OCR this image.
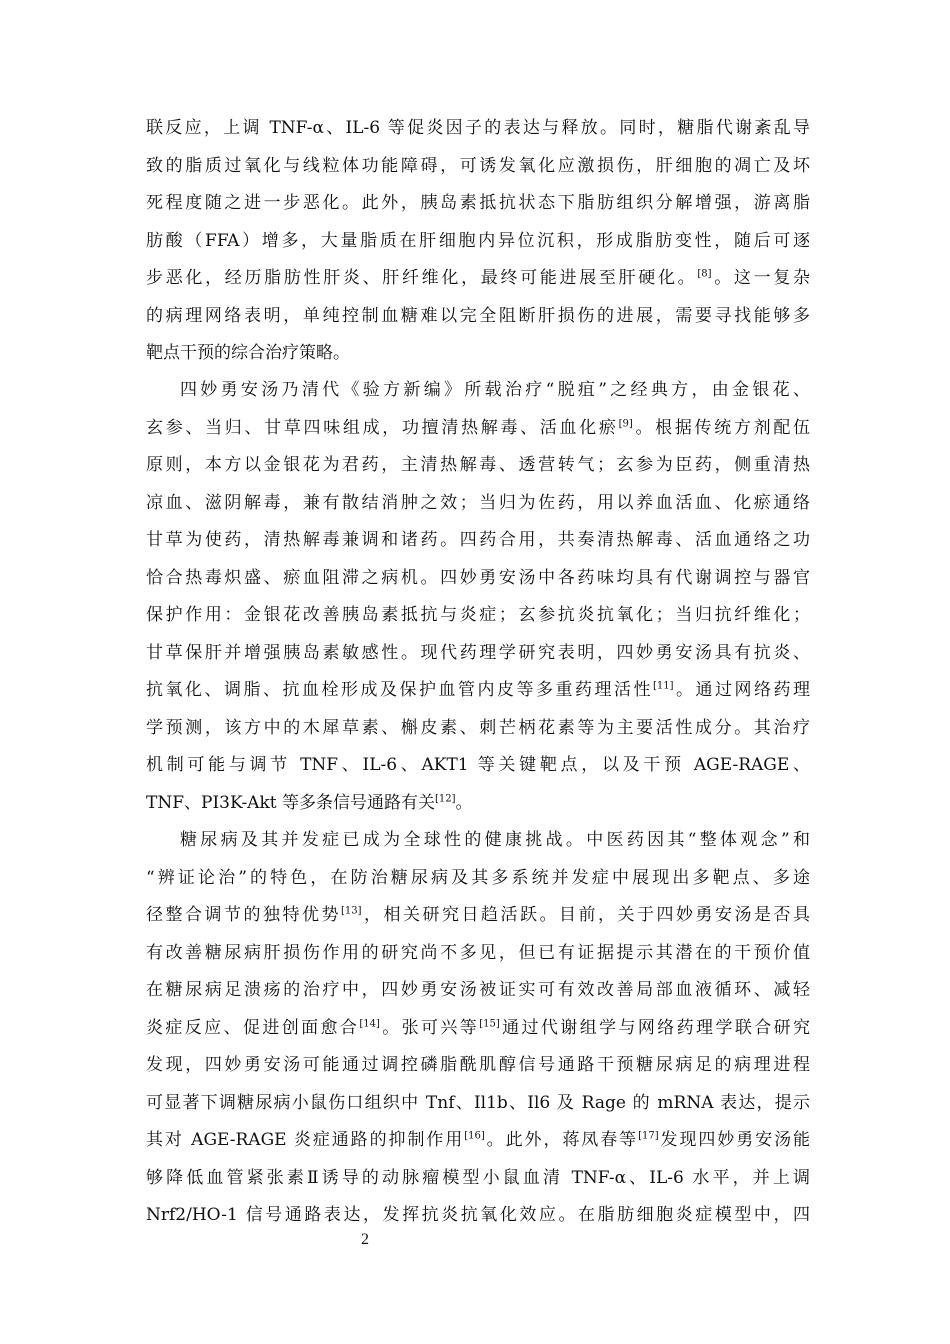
联反应，上调 TNF-α、IL-6 等促炎因子的表达与释放。同时，糖脂代谢紊乱导
致的脂质过氧化与线粒体功能障碍，可诱发氧化应激损伤，肝细胞的凋亡及坏
死程度随之进一步恶化。此外，胰岛素抵抗状态下脂肪组织分解增强，游离脂
肪酸（FFA）增多，大量脂质在肝细胞内异位沉积，形成脂肪变性，随后可逐
步恶化，经历脂肪性肝炎、肝纤维化，最终可能进展至肝硬化。[8]。这一复杂
的病理网络表明，单纯控制血糖难以完全阻断肝损伤的进展，需要寻找能够多
靶点干预的综合治疗策略。
四妙勇安汤乃清代《验方新编》所载治疗“脱疽”之经典方，由金银花、
玄参、当归、甘草四味组成，功擅清热解毒、活血化瘀[9]。根据传统方剂配伍
原则，本方以金银花为君药，主清热解毒、透营转气；玄参为臣药，侧重清热
凉血、滋阴解毒，兼有散结消肿之效；当归为佐药，用以养血活血、化瘀通络
甘草为使药，清热解毒兼调和诸药。四药合用，共奏清热解毒、活血通络之功
恰合热毒炽盛、瘀血阻滞之病机。四妙勇安汤中各药味均具有代谢调控与器官
保护作用：金银花改善胰岛素抵抗与炎症；玄参抗炎抗氧化；当归抗纤维化；
甘草保肝并增强胰岛素敏感性。现代药理学研究表明，四妙勇安汤具有抗炎、
抗氧化、调脂、抗血栓形成及保护血管内皮等多重药理活性[11]。通过网络药理
学预测，该方中的木犀草素、槲皮素、刺芒柄花素等为主要活性成分。其治疗
机制可能与调节 TNF、IL-6、AKT1 等关键靶点，以及干预 AGE-RAGE、
TNF、PI3K-Akt 等多条信号通路有关[12]。
糖尿病及其并发症已成为全球性的健康挑战。中医药因其“整体观念”和
“辨证论治”的特色，在防治糖尿病及其多系统并发症中展现出多靶点、多途
径整合调节的独特优势[13]，相关研究日趋活跃。目前，关于四妙勇安汤是否具
有改善糖尿病肝损伤作用的研究尚不多见，但已有证据提示其潜在的干预价值
在糖尿病足溃疡的治疗中，四妙勇安汤被证实可有效改善局部血液循环、减轻
炎症反应、促进创面愈合[14]。张可兴等[15]通过代谢组学与网络药理学联合研究
发现，四妙勇安汤可能通过调控磷脂酰肌醇信号通路干预糖尿病足的病理进程
可显著下调糖尿病小鼠伤口组织中 Tnf、Il1b、Il6 及 Rage 的 mRNA 表达，提示
其对 AGE-RAGE 炎症通路的抑制作用[16]。此外，蒋凤春等[17]发现四妙勇安汤能
够降低血管紧张素Ⅱ诱导的动脉瘤模型小鼠血清 TNF-α、IL-6 水平，并上调
Nrf2/HO-1 信号通路表达，发挥抗炎抗氧化效应。在脂肪细胞炎症模型中，四
2
